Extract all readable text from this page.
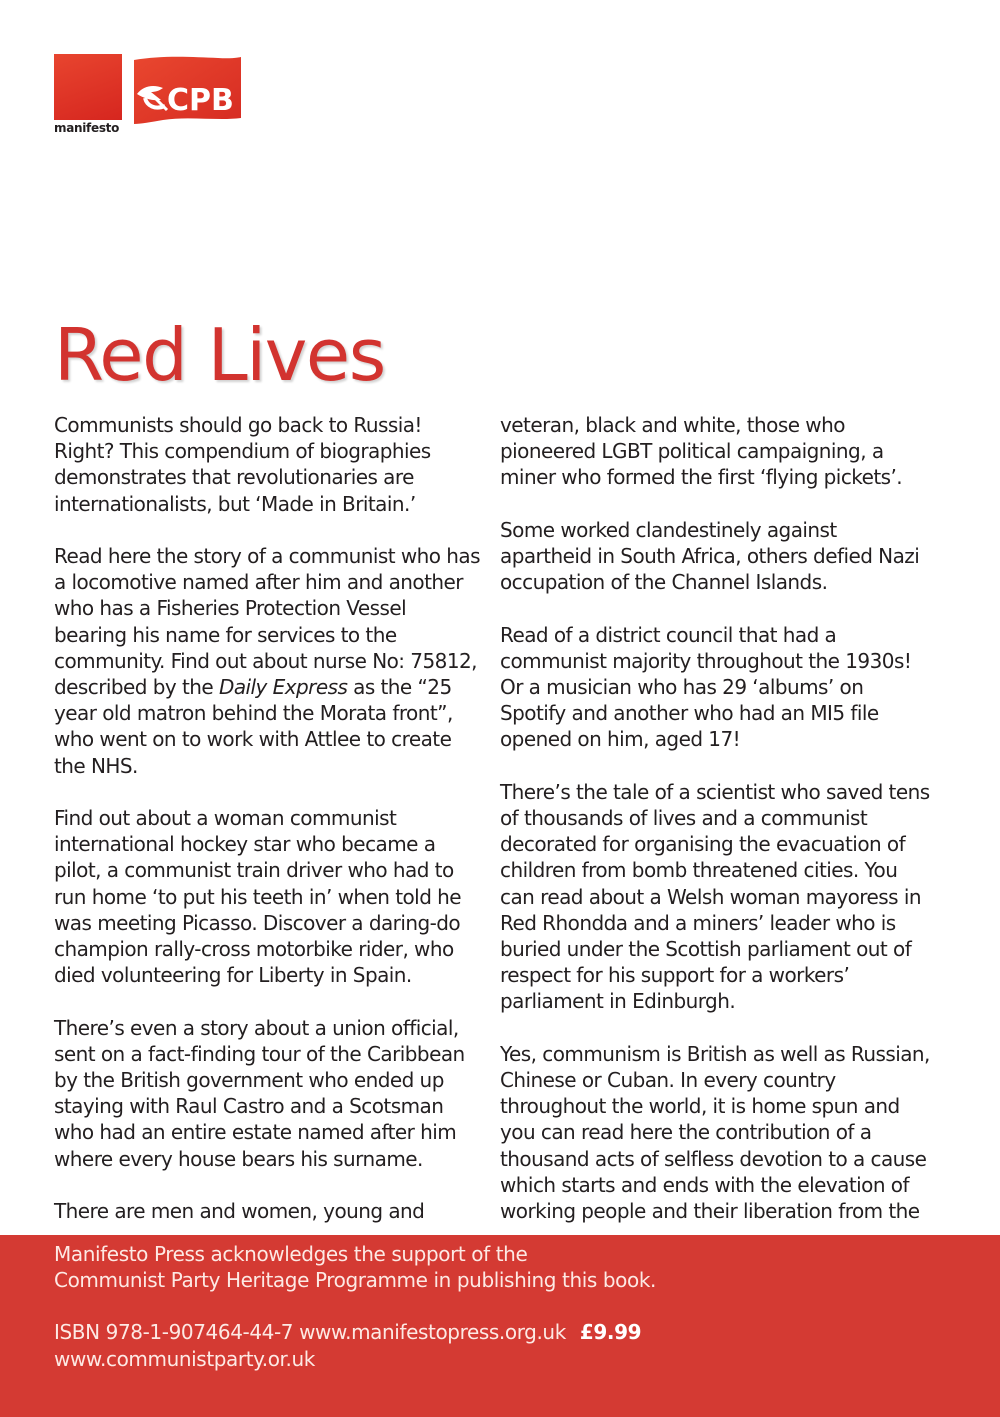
manifesto
CPB
Red Lives

Communists should go back to Russia! Right? This compendium of biographies demonstrates that revolutionaries are internationalists, but ‘Made in Britain.’

Read here the story of a communist who has a locomotive named after him and another who has a Fisheries Protection Vessel bearing his name for services to the community. Find out about nurse No: 75812, described by the Daily Express as the “25 year old matron behind the Morata front”, who went on to work with Attlee to create the NHS.

Find out about a woman communist international hockey star who became a pilot, a communist train driver who had to run home ‘to put his teeth in’ when told he was meeting Picasso. Discover a daring-do champion rally-cross motorbike rider, who died volunteering for Liberty in Spain.

There’s even a story about a union official, sent on a fact-finding tour of the Caribbean by the British government who ended up staying with Raul Castro and a Scotsman who had an entire estate named after him where every house bears his surname.

There are men and women, young and

veteran, black and white, those who pioneered LGBT political campaigning, a miner who formed the first ‘flying pickets’.

Some worked clandestinely against apartheid in South Africa, others defied Nazi occupation of the Channel Islands.

Read of a district council that had a communist majority throughout the 1930s! Or a musician who has 29 ‘albums’ on Spotify and another who had an MI5 file opened on him, aged 17!

There’s the tale of a scientist who saved tens of thousands of lives and a communist decorated for organising the evacuation of children from bomb threatened cities. You can read about a Welsh woman mayoress in Red Rhondda and a miners’ leader who is buried under the Scottish parliament out of respect for his support for a workers’ parliament in Edinburgh.

Yes, communism is British as well as Russian, Chinese or Cuban. In every country throughout the world, it is home spun and you can read here the contribution of a thousand acts of selfless devotion to a cause which starts and ends with the elevation of working people and their liberation from the

Manifesto Press acknowledges the support of the
Communist Party Heritage Programme in publishing this book.
ISBN 978-1-907464-44-7 www.manifestopress.org.uk £9.99
www.communistparty.or.uk
